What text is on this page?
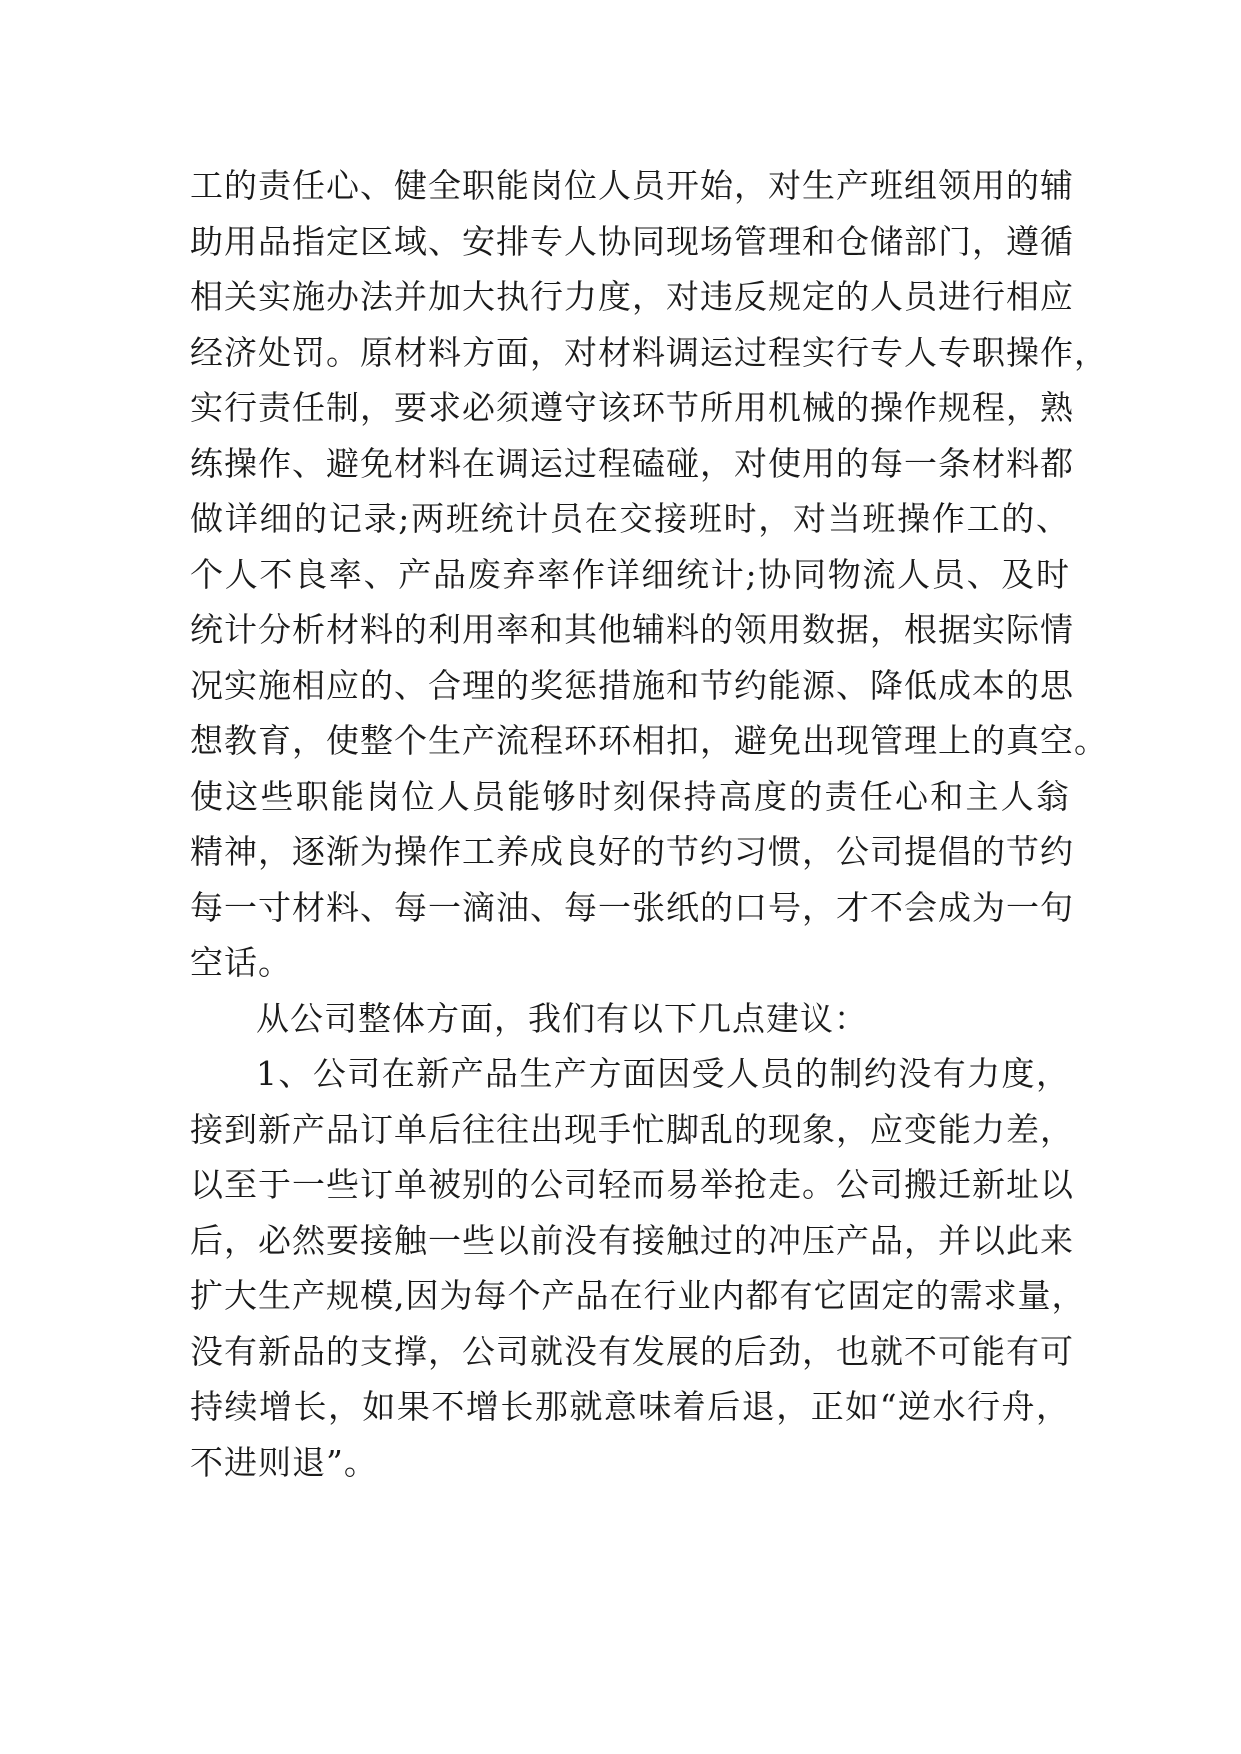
工的责任心、健全职能岗位人员开始，对生产班组领用的辅
助用品指定区域、安排专人协同现场管理和仓储部门，遵循
相关实施办法并加大执行力度，对违反规定的人员进行相应
经济处罚。原材料方面，对材料调运过程实行专人专职操作，
实行责任制，要求必须遵守该环节所用机械的操作规程，熟
练操作、避免材料在调运过程磕碰，对使用的每一条材料都
做详细的记录;两班统计员在交接班时，对当班操作工的、
个人不良率、产品废弃率作详细统计;协同物流人员、及时
统计分析材料的利用率和其他辅料的领用数据，根据实际情
况实施相应的、合理的奖惩措施和节约能源、降低成本的思
想教育，使整个生产流程环环相扣，避免出现管理上的真空。
使这些职能岗位人员能够时刻保持高度的责任心和主人翁
精神，逐渐为操作工养成良好的节约习惯，公司提倡的节约
每一寸材料、每一滴油、每一张纸的口号，才不会成为一句
空话。
从公司整体方面，我们有以下几点建议：
1、公司在新产品生产方面因受人员的制约没有力度，
接到新产品订单后往往出现手忙脚乱的现象，应变能力差，
以至于一些订单被别的公司轻而易举抢走。公司搬迁新址以
后，必然要接触一些以前没有接触过的冲压产品，并以此来
扩大生产规模,因为每个产品在行业内都有它固定的需求量，
没有新品的支撑，公司就没有发展的后劲，也就不可能有可
持续增长，如果不增长那就意味着后退，正如“逆水行舟，
不进则退”。
